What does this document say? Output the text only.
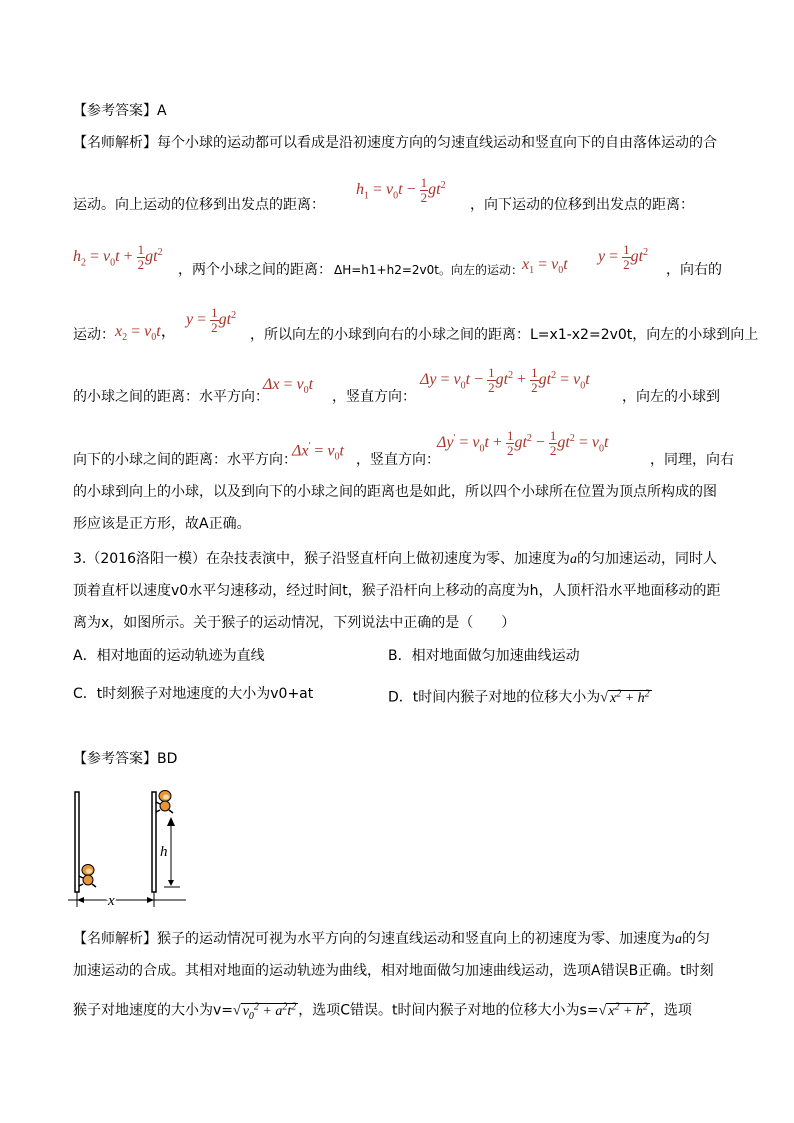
【参考答案】A
【名师解析】每个小球的运动都可以看成是沿初速度方向的匀速直线运动和竖直向下的自由落体运动的合
运动。向上运动的位移到出发点的距离：
$h_1 = v_0t - \frac{1}{2} gt^2$
，向下运动的位移到出发点的距离：
$h_2 = v_0t + \frac{1}{2} gt^2$
，两个小球之间的距离： ΔH=h1+h2=2v0t。向左的运动： $x_1 = v_0t$ $y = \frac{1}{2} gt^2$
，向右的
运动： $x_2 = v_0t$，
$y = \frac{1}{2} gt^2$
，所以向左的小球到向右的小球之间的距离：L=x1-x2=2v0t，向左的小球到向上
的小球之间的距离：水平方向：
$\Delta x = v_0t$
，竖直方向：
$\Delta y = v_0t - \frac{1}{2} gt^2 + \frac{1}{2} gt^2 = v_0t$
，向左的小球到
向下的小球之间的距离：水平方向：
$\Delta x' = v_0t$
，竖直方向：
$\Delta y' = v_0t + \frac{1}{2} gt^2 - \frac{1}{2} gt^2 = v_0t$
，同理，向右
的小球到向上的小球，以及到向下的小球之间的距离也是如此，所以四个小球所在位置为顶点所构成的图
形应该是正方形，故A正确。
3.（2016洛阳一模）在杂技表演中，猴子沿竖直杆向上做初速度为零、加速度为a的匀加速运动，同时人
顶着直杆以速度v0水平匀速移动，经过时间t，猴子沿杆向上移动的高度为h，人顶杆沿水平地面移动的距
离为x，如图所示。关于猴子的运动情况，下列说法中正确的是（　　）
A．相对地面的运动轨迹为直线	B．相对地面做匀加速曲线运动
C．t时刻猴子对地速度的大小为v0+at	D．t时间内猴子对地的位移大小为√ $x^2 + h^2$
【参考答案】BD
h
x
【名师解析】猴子的运动情况可视为水平方向的匀速直线运动和竖直向上的初速度为零、加速度为a的匀
加速运动的合成。其相对地面的运动轨迹为曲线，相对地面做匀加速曲线运动，选项A错误B正确。t时刻
猴子对地速度的大小为v=√ $v_0^2 + a^2t^2$ ，选项C错误。t时间内猴子对地的位移大小为s=√ $x^2 + h^2$ ，选项
